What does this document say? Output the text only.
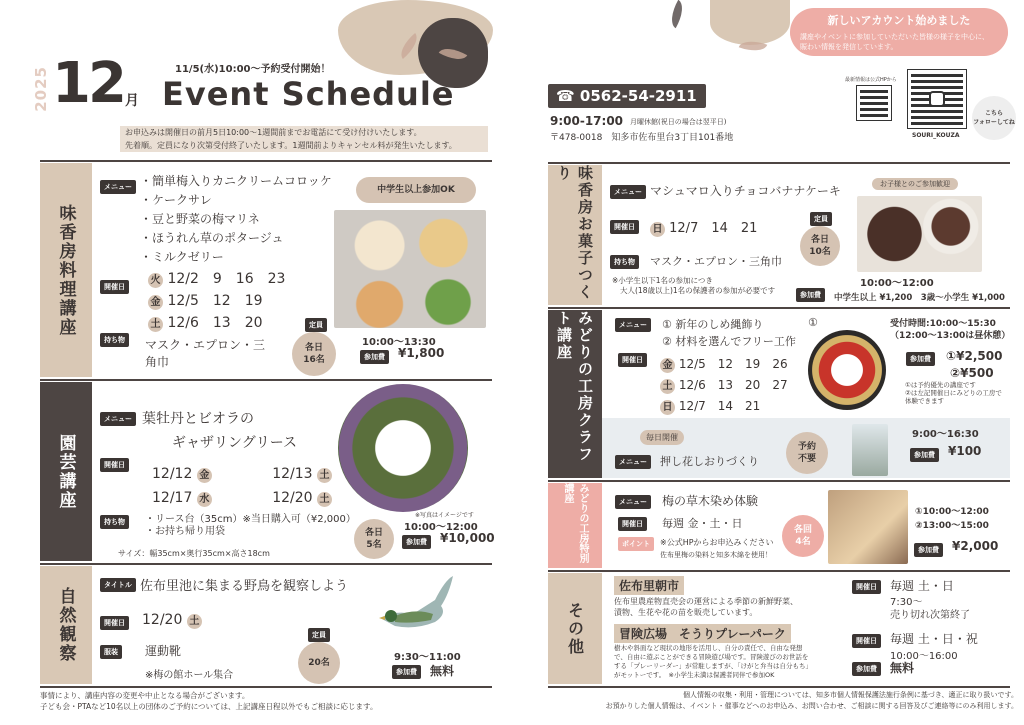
2025 12 月
11/5(水)10:00～予約受付開始！
Event Schedule
お申込みは開催日の前月5日10:00～1週間前までお電話にて受け付けいたします。
先着順。定員になり次第受付終了いたします。1週間前よりキャンセル料が発生いたします。
味香房料理講座
メニュー ・簡単梅入りカニクリームコロッケ
・ケークサレ
・豆と野菜の梅マリネ
・ほうれん草のポタージュ
・ミルクゼリー
中学生以上参加OK
開催日
火 12/2　9　16　23
金 12/5　12　19
土 12/6　13　20
持ち物	マスク・エプロン・三角巾
定員
各日
16名
10:00～13:30
参加費	¥1,800
園芸講座
メニュー 葉牡丹とビオラの
ギャザリングリース
※写真はイメージです
開催日
12/12 金	12/13 土
12/17 水	12/20 土
持ち物	・リース台（35cm）※当日購入可（¥2,000）
・お持ち帰り用袋
サイズ：幅35cm×奥行35cm×高さ18cm
各日
5名
10:00～12:00
参加費	¥10,000
自然観察
タイトル 佐布里池に集まる野鳥を観察しよう
開催日 12/20 土
服装	運動靴
※梅の館ホール集合
定員
20名	9:30～11:00
参加費	無料
事情により、講座内容の変更や中止となる場合がございます。
子ども会・PTAなど10名以上の団体のご予約については、上記講座日程以外でもご相談に応じます。
☎ 0562-54-2911
9:00-17:00 月曜休館(祝日の場合は翌平日)
〒478-0018　知多市佐布里台3丁目101番地
新しいアカウント始めました
講座やイベントに参加していただいた皆様の様子を中心に、
賑わい情報を発信しています。
最新情報は公式HPから
SOURI_KOUZA
こちら
フォローしてね
味香房お菓子つくり
メニュー マシュマロ入りチョコバナナケーキ	お子様とのご参加歓迎
開催日	日 12/7　14　21
定員
各日
10名
持ち物	マスク・エプロン・三角巾
※小学生以下1名の参加につき
大人(18歳以上)1名の保護者の参加が必要です
10:00～12:00
参加費	中学生以上 ¥1,200　3歳～小学生 ¥1,000
みどりの工房クラフト講座	メニュー	① 新年のしめ縄飾り
② 材料を選んでフリー工作
①
開催日	金 12/5　12　19　26
土 12/6　13　20　27
日 12/7　14　21
受付時間:10:00～15:30
（12:00～13:00は昼休憩）
参加費	①¥2,500
②¥500
①は予約優先の講座です
②は左記開催日にみどりの工房で
体験できます
毎日開催
メニュー	押し花しおりづくり
予約
不要
9:00～16:30
参加費	¥100
みどりの工房特別講座	メニュー	梅の草木染め体験
開催日	毎週 金・土・日
ポイント	※公式HPからお申込みください
佐布里梅の染料と知多木綿を使用！
各回
4名
①10:00～12:00
②13:00～15:00
参加費	¥2,000
その他
佐布里朝市
佐布里農産物直売会の運営による季節の新鮮野菜、
漬物、生花や花の苗を販売しています。
開催日	毎週 土・日
7:30～
売り切れ次第終了
冒険広場　そうりプレーパーク
樹木や斜面など現状の地形を活用し、自分の責任で、自由な発想
で、自由に遊ぶことができる冒険遊び場です。冒険遊びのお世話を
する「プレーリーダー」が常駐しますが、「けがと弁当は自分もち」
がモットーです。　※小学生未満は保護者同伴で参加OK
開催日	毎週 土・日・祝
10:00～16:00
参加費	無料
個人情報の収集・利用・管理については、知多市個人情報保護法施行条例に基づき、適正に取り扱いです。
お預かりした個人情報は、イベント・催事などへのお申込み、お問い合わせ、ご相談に関する回答及びご連絡等にのみ利用します。
